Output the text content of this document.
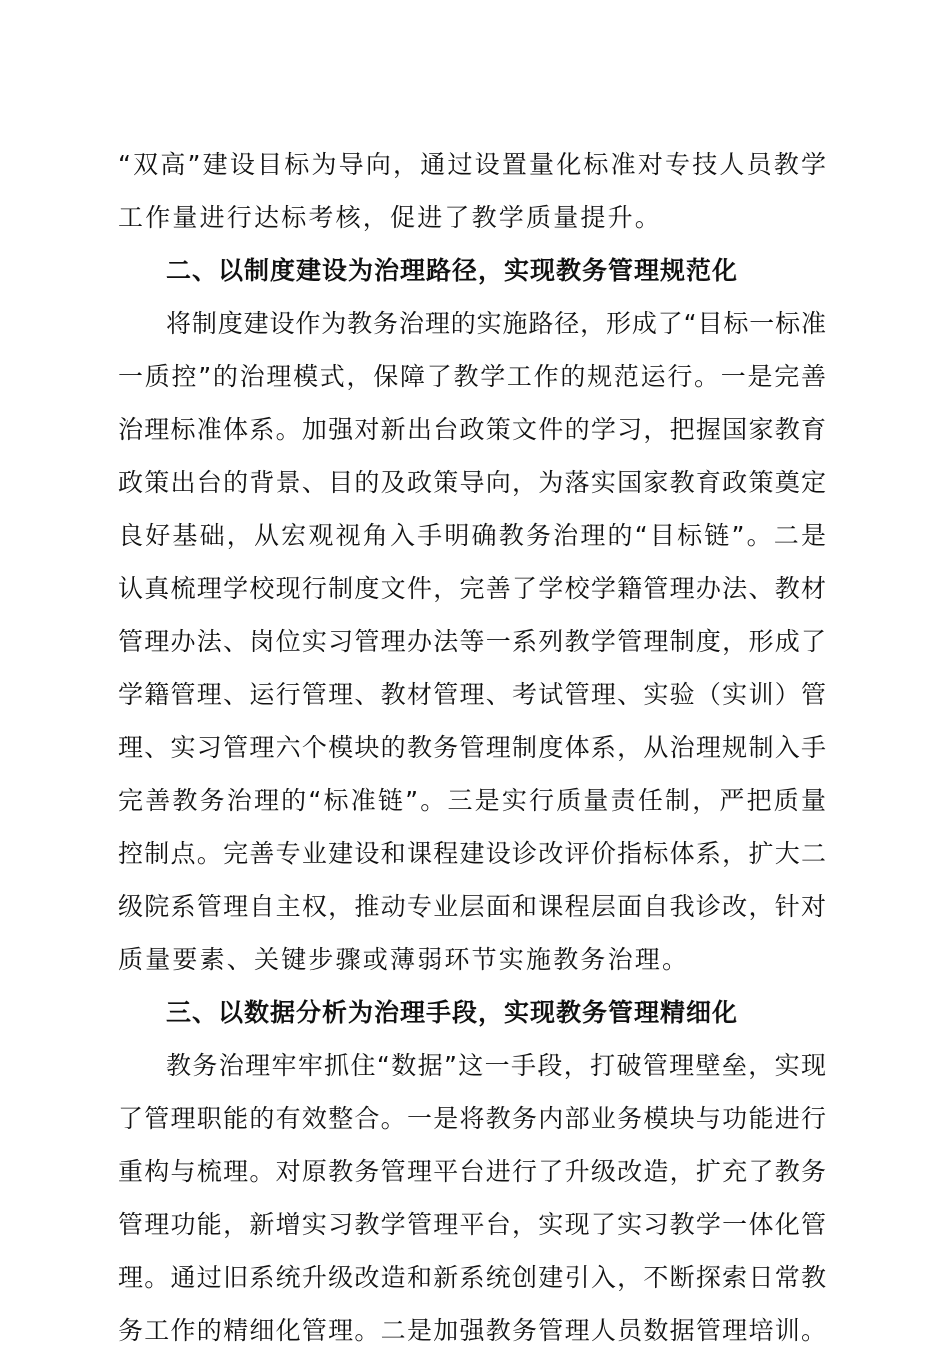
“双高”建设目标为导向，通过设置量化标准对专技人员教学
工作量进行达标考核，促进了教学质量提升。
二、以制度建设为治理路径，实现教务管理规范化
将制度建设作为教务治理的实施路径，形成了“目标一标准
一质控”的治理模式，保障了教学工作的规范运行。一是完善
治理标准体系。加强对新出台政策文件的学习，把握国家教育
政策出台的背景、目的及政策导向，为落实国家教育政策奠定
良好基础，从宏观视角入手明确教务治理的“目标链”。二是
认真梳理学校现行制度文件，完善了学校学籍管理办法、教材
管理办法、岗位实习管理办法等一系列教学管理制度，形成了
学籍管理、运行管理、教材管理、考试管理、实验（实训）管
理、实习管理六个模块的教务管理制度体系，从治理规制入手
完善教务治理的“标准链”。三是实行质量责任制，严把质量
控制点。完善专业建设和课程建设诊改评价指标体系，扩大二
级院系管理自主权，推动专业层面和课程层面自我诊改，针对
质量要素、关键步骤或薄弱环节实施教务治理。
三、以数据分析为治理手段，实现教务管理精细化
教务治理牢牢抓住“数据”这一手段，打破管理壁垒，实现
了管理职能的有效整合。一是将教务内部业务模块与功能进行
重构与梳理。对原教务管理平台进行了升级改造，扩充了教务
管理功能，新增实习教学管理平台，实现了实习教学一体化管
理。通过旧系统升级改造和新系统创建引入，不断探索日常教
务工作的精细化管理。二是加强教务管理人员数据管理培训。
